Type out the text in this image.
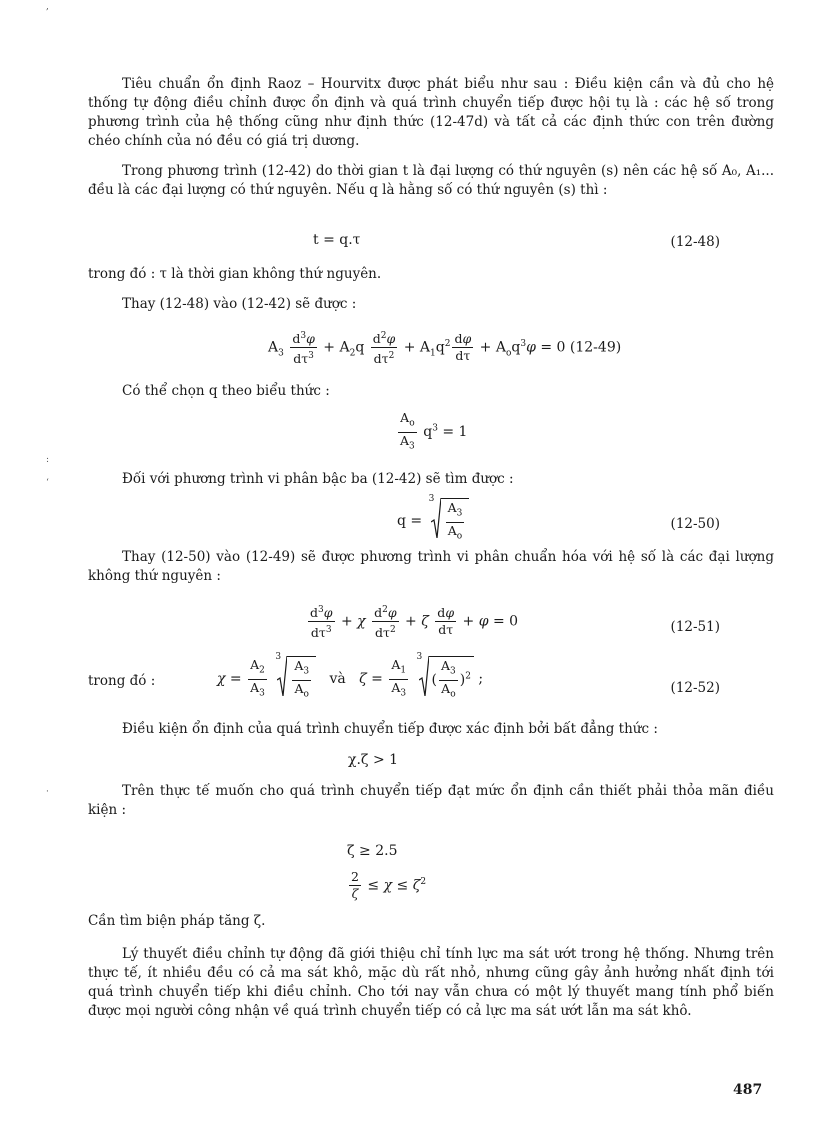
,

Tiêu chuẩn ổn định Raoz – Hourvitx được phát biểu như sau : Điều kiện cần và đủ cho hệ thống tự động điều chỉnh được ổn định và quá trình chuyển tiếp được hội tụ là : các hệ số trong phương trình của hệ thống cũng như định thức (12-47d) và tất cả các định thức con trên đường chéo chính của nó đều có giá trị dương.

Trong phương trình (12-42) do thời gian t là đại lượng có thứ nguyên (s) nên các hệ số A₀, A₁... đều là các đại lượng có thứ nguyên. Nếu q là hằng số có thứ nguyên (s) thì :

t = q.τ	(12-48)

trong đó : τ là thời gian không thứ nguyên.

Thay (12-48) vào (12-42) sẽ được :

$A_3 \frac{d^3\varphi}{d\tau^3} + A_2q \frac{d^2\varphi}{d\tau^2} + A_1q^2 \frac{d\varphi}{d\tau} + A_oq^3\varphi = 0$ (12-49)

Có thể chọn q theo biểu thức :

$\frac{A_o}{A_3} q^3 = 1$
:
ʻ	Đối với phương trình vi phân bậc ba (12-42) sẽ tìm được :

q =
3
$\frac{A_3}{A_o}$	(12-50)

Thay (12-50) vào (12-49) sẽ được phương trình vi phân chuẩn hóa với hệ số là các đại lượng không thứ nguyên :

$\frac{d^3\varphi}{d\tau^3} + \chi \frac{d^2\varphi}{d\tau^2} + \zeta \frac{d\varphi}{d\tau} + \varphi = 0$	(12-51)
trong đó :	$\chi = \frac{A_2}{A_3}$
3
$\frac{A_3}{A_o}$ và $\zeta = \frac{A_1}{A_3}$
3
( $\frac{A_3}{A_o} )^2$ ;
(12-52)

Điều kiện ổn định của quá trình chuyển tiếp được xác định bởi bất đẳng thức :

χ.ζ > 1
·	Trên thực tế muốn cho quá trình chuyển tiếp đạt mức ổn định cần thiết phải thỏa mãn điều kiện :

ζ ≥ 2.5
$\frac{2}{\zeta} \le \chi \le \zeta^2$

Cần tìm biện pháp tăng ζ.

Lý thuyết điều chỉnh tự động đã giới thiệu chỉ tính lực ma sát ướt trong hệ thống. Nhưng trên thực tế, ít nhiều đều có cả ma sát khô, mặc dù rất nhỏ, nhưng cũng gây ảnh hưởng nhất định tới quá trình chuyển tiếp khi điều chỉnh. Cho tới nay vẫn chưa có một lý thuyết mang tính phổ biến được mọi người công nhận về quá trình chuyển tiếp có cả lực ma sát ướt lẫn ma sát khô.

487
